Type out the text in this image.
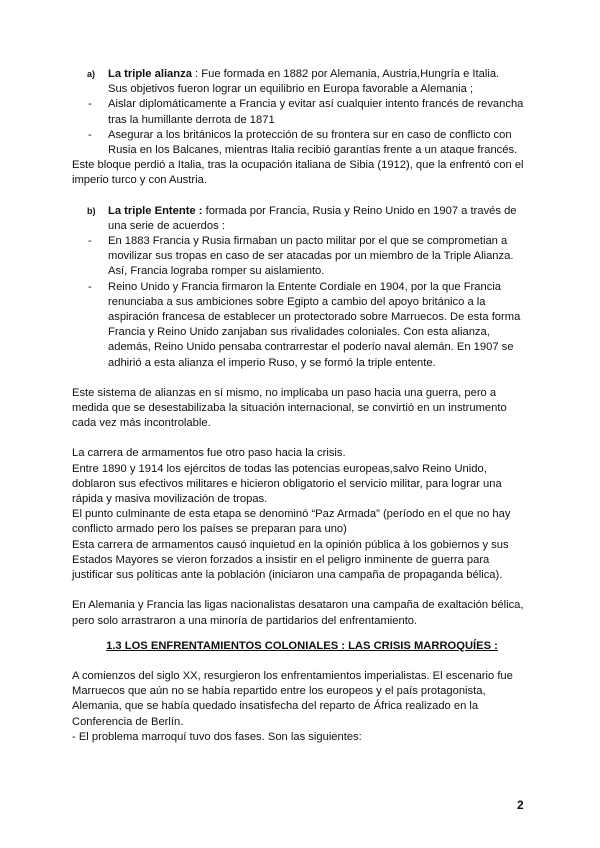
a) La triple alianza : Fue formada en 1882 por Alemania, Austria,Hungría e Italia.
Sus objetivos fueron lograr un equilibrio en Europa favorable a Alemania ;
- Aislar diplomáticamente a Francia y evitar así cualquier intento francés de revancha tras la humillante derrota de 1871
- Asegurar a los británicos la protección de su frontera sur en caso de conflicto con Rusia en los Balcanes, mientras Italia recibió garantías frente a un ataque francés.

Este bloque perdió a Italia, tras la ocupación italiana de Sibia (1912), que la enfrentó con el imperio turco y con Austria.

b) La triple Entente : formada por Francia, Rusia y Reino Unido en 1907 a través de una serie de acuerdos :
- En 1883 Francia y Rusia firmaban un pacto militar por el que se comprometian a movilizar sus tropas en caso de ser atacadas por un miembro de la Triple Alianza. Así, Francia lograba romper su aislamiento.
- Reino Unido y Francia firmaron la Entente Cordiale en 1904, por la que Francia renunciaba a sus ambiciones sobre Egipto a cambio del apoyo británico a la aspiración francesa de establecer un protectorado sobre Marruecos. De esta forma Francia y Reino Unido zanjaban sus rivalidades coloniales. Con esta alianza, además, Reino Unido pensaba contrarrestar el poderío naval alemán. En 1907 se adhirió a esta alianza el imperio Ruso, y se formó la triple entente.

Este sistema de alianzas en sí mismo, no implicaba un paso hacia una guerra, pero a medida que se desestabilizaba la situación internacional, se convirtió en un instrumento cada vez más incontrolable.

La carrera de armamentos fue otro paso hacia la crisis.

Entre 1890 y 1914 los ejércitos de todas las potencias europeas,salvo Reino Unido, doblaron sus efectivos militares e hicieron obligatorio el servicio militar, para lograr una rápida y masiva movilización de tropas.

El punto culminante de esta etapa se denominó “Paz Armada” (período en el que no hay conflicto armado pero los países se preparan para uno)

Esta carrera de armamentos causó inquietud en la opinión pública à los gobiernos y sus Estados Mayores se vieron forzados a insistir en el peligro inminente de guerra para justificar sus políticas ante la población (iniciaron una campaña de propaganda bélica).

En Alemania y Francia las ligas nacionalistas desataron una campaña de exaltación bélica, pero solo arrastraron a una minoría de partidarios del enfrentamiento.

1.3 LOS ENFRENTAMIENTOS COLONIALES : LAS CRISIS MARROQUÍES :

A comienzos del siglo XX, resurgieron los enfrentamientos imperialistas. El escenario fue Marruecos que aún no se había repartido entre los europeos y el país protagonista, Alemania, que se había quedado insatisfecha del reparto de África realizado en la Conferencia de Berlín.

- El problema marroquí tuvo dos fases. Son las siguientes:

2
